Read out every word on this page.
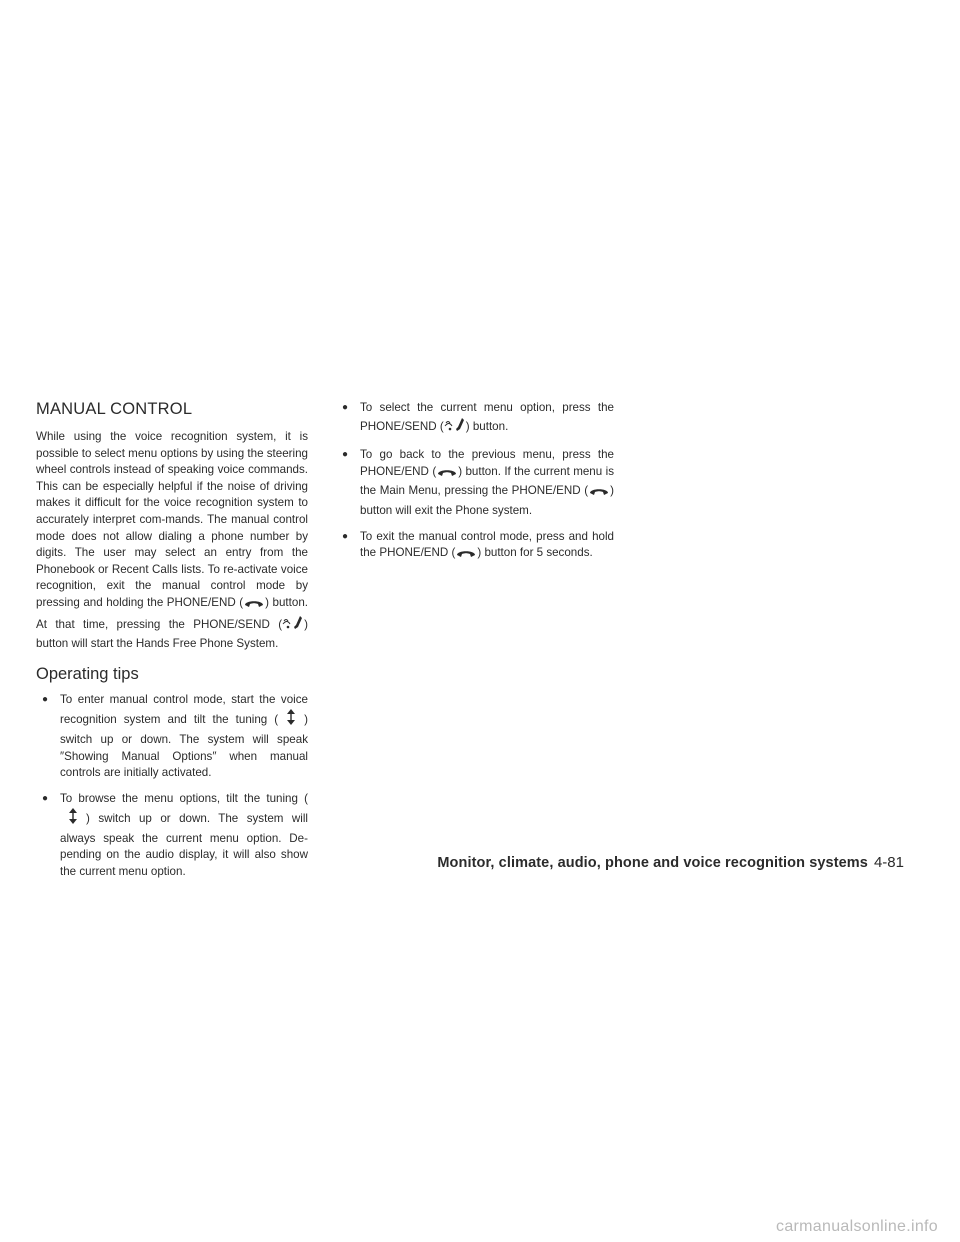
MANUAL CONTROL

While using the voice recognition system, it is possible to select menu options by using the steering wheel controls instead of speaking voice commands. This can be especially helpful if the noise of driving makes it difficult for the voice recognition system to accurately interpret com-mands. The manual control mode does not allow dialing a phone number by digits. The user may select an entry from the Phonebook or Recent Calls lists. To re-activate voice recognition, exit the manual control mode by pressing and holding the PHONE/END ( ) button. At that time, pressing the PHONE/SEND ( ) button will start the Hands Free Phone System.

Operating tips
● To enter manual control mode, start the voice recognition system and tilt the tuning ( ) switch up or down. The system will speak ″Showing Manual Options″ when manual controls are initially activated.
● To browse the menu options, tilt the tuning () switch up or down. The system will always speak the current menu option. De-pending on the audio display, it will also show the current menu option.
● To select the current menu option, press the PHONE/SEND ( ) button.
● To go back to the previous menu, press the PHONE/END ( ) button. If the current menu is the Main Menu, pressing the PHONE/END ( ) button will exit the Phone system.
● To exit the manual control mode, press and hold the PHONE/END ( ) button for 5 seconds.
Monitor, climate, audio, phone and voice recognition systems 4-81
carmanualsonline.info
